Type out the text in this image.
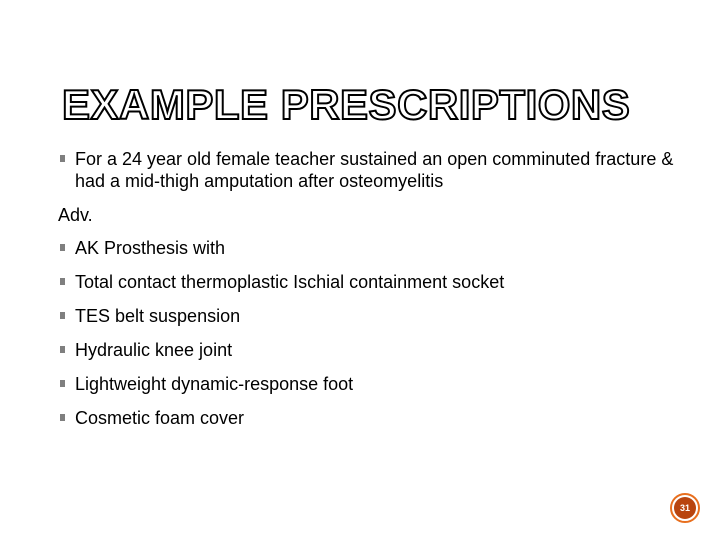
EXAMPLE PRESCRIPTIONS
For a 24 year old female teacher sustained an open comminuted fracture & had a mid-thigh amputation after osteomyelitis
Adv.
AK Prosthesis with
Total contact thermoplastic Ischial containment socket
TES belt suspension
Hydraulic knee joint
Lightweight dynamic-response foot
Cosmetic foam cover
31
